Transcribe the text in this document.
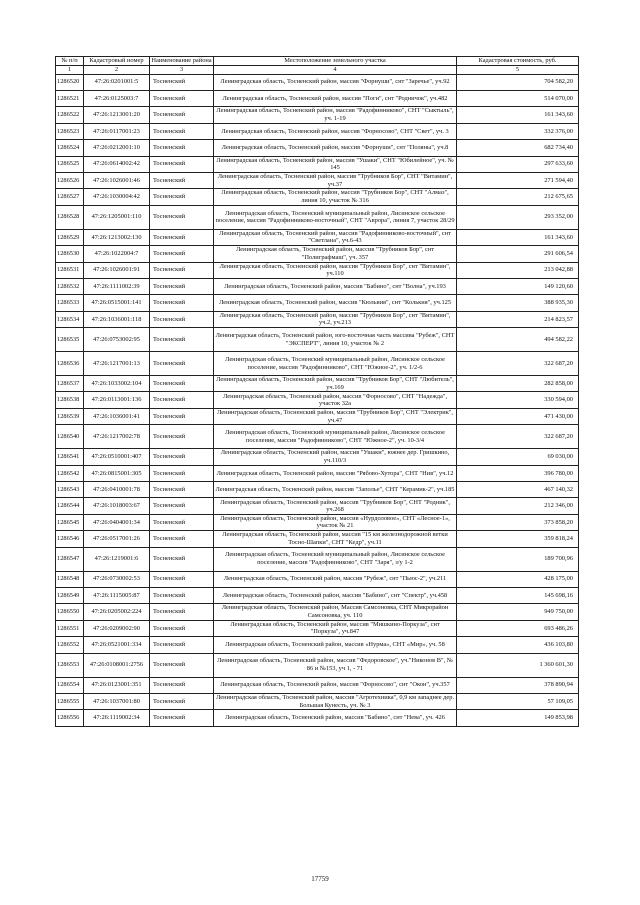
№ п/п	Кадастровый номер	Наименование района	Местоположение земельного участка	Кадастровая стоимость, руб.
1	2	3	4	5
1286520	47:26:0201001:5	Тосненский	Ленинградская область, Тосненский район, массив "Форнуши", снт "Заречье", уч.92	704 582,20
1286521	47:26:0125003:7	Тосненский	Ленинградская область, Тосненский район, массив "Поги", снт "Родничок", уч.482	514 070,00
1286522	47:26:1213001:20	Тосненский	Ленинградская область, Тосненский район, массив "Радофинниково", СНТ "Сыктыль", уч. 1-19	161 343,60
1286523	47:26:0117001:23	Тосненский	Ленинградская область, Тосненский район, массив "Форносово", СНТ "Свет", уч. 3	332 376,00
1286524	47:26:0212001:10	Тосненский	Ленинградская область, Тосненский район, массив "Форнуши", снт "Поляны", уч.8	682 734,40
1286525	47:26:0614002:42	Тосненский	Ленинградская область, Тосненский район, массив "Ушаки", СНТ "Юбилейное", уч. № 145	297 633,60
1286526	47:26:1026001:46	Тосненский	Ленинградская область, Тосненский район, массив "Трубников Бор", СНТ "Витамин", уч.37	271 594,40
1286527	47:26:1030004:42	Тосненский	Ленинградская область, Тосненский район, массив "Трубников Бор", СНТ "Алмаз", линия 10, участок № 316	212 675,65
1286528	47:26:1205001:110	Тосненский	Ленинградская область, Тосненский муниципальный район, Лисинское сельское поселение, массив "Радофинниково-восточный", СНТ "Аврора", линия 7, участок 28/29	293 352,00
1286529	47:26:1213002:130	Тосненский	Ленинградская область, Тосненский район, массив "Радофинниково-восточный", снт "Светлана", уч.6-43	161 343,60
1286530	47:26:1022004:7	Тосненский	Ленинградская область, Тосненский район, массив "Трубников Бор", снт "Полиграфмаш", уч. 357	291 606,54
1286531	47:26:1026001:91	Тосненский	Ленинградская область, Тосненский район, массив "Трубников Бор", снт "Витамин", уч.110	213 042,88
1286532	47:26:1111002:39	Тосненский	Ленинградская область, Тосненский район, массив "Бабино", снт "Волна", уч.193	149 120,60
1286533	47:26:0515001:141	Тосненский	Ленинградская область, Тосненский район, массив "Кюльвия", снт "Колькия", уч.125	388 935,30
1286534	47:26:1036001:118	Тосненский	Ленинградская область, Тосненский район, массив "Трубников Бор", снт "Витамин", уч.2, уч.213	214 823,57
1286535	47:26:0753002:95	Тосненский	Ленинградская область, Тосненский район, юго-восточная часть массива "Рубеж", СНТ "ЭКСПЕРТ", линия 10, участок № 2	494 582,22
1286536	47:26:1217001:13	Тосненский	Ленинградская область, Тосненский муниципальный район, Лисинское сельское поселение, массив "Радофинниково", СНТ "Южное-2", уч. 1/2-6	322 687,20
1286537	47:26:1033002:104	Тосненский	Ленинградская область, Тосненский район, массив "Трубников Бор", СНТ "Любитель", уч.169	282 858,00
1286538	47:26:0113001:136	Тосненский	Ленинградская область, Тосненский район, массив "Форносово", СНТ "Надежда", участок 32а	330 594,00
1286539	47:26:1036001:41	Тосненский	Ленинградская область, Тосненский район, массив "Трубников Бор", СНТ "Электрик", уч.47	471 430,00
1286540	47:26:1217002:78	Тосненский	Ленинградская область, Тосненский муниципальный район, Лисинское сельское поселение, массив "Радофинниково", СНТ "Южное-2", уч. 10-3/4	322 687,20
1286541	47:26:0510001:407	Тосненский	Ленинградская область, Тосненский район, массив "Ушаки", южнее дер. Гришкино, уч.110/3	69 030,00
1286542	47:26:0815001:305	Тосненский	Ленинградская область, Тосненский район, массив "Рябово-Хутора", СНТ "Нив", уч.12	396 780,00
1286543	47:26:0410001:78	Тосненский	Ленинградская область, Тосненский район, массив "Заполье", СНТ "Керамик-2", уч.185	467 140,32
1286544	47:26:1018003:67	Тосненский	Ленинградская область, Тосненский район, массив "Трубников Бор", СНТ "Родник", уч.268	212 346,00
1286545	47:26:0404001:34	Тосненский	Ленинградская область, Тосненский район, массив «Нурдоловое», СНТ «Лесное-1», участок № 21	373 858,20
1286546	47:26:0517001:26	Тосненский	Ленинградская область, Тосненский район, массив "15 км железнодорожной ветки Тосно-Шапки", СНТ "Кедр", уч.11	359 818,24
1286547	47:26:1219001:6	Тосненский	Ленинградская область, Тосненский муниципальный район, Лисинское сельское поселение, массив "Радофинниково", СНТ "Заря", з/у 1-2	189 700,96
1286548	47:26:0730002:53	Тосненский	Ленинградская область, Тосненский район, массив "Рубеж", снт "Пьюс-2", уч.211	428 175,00
1286549	47:26:1115005:87	Тосненский	Ленинградская область, Тосненский район, массив "Бабино", снт "Спектр", уч.458	145 698,16
1286550	47:26:0205002:224	Тосненский	Ленинградская область, Тосненский район, Массив Самсоновка, СНТ Микрорайон Самсоновка, уч. 110	949 750,00
1286551	47:26:0209002:90	Тосненский	Ленинградская область, Тосненский район, массив "Мишкино-Поркуза", снт "Поркуза", уч.847	693 486,26
1286552	47:26:0521001:334	Тосненский	Ленинградская область, Тосненский район, массив «Нурма», СНТ «Мир», уч. 58	436 103,80
1286553	47:26:0108001:2756	Тосненский	Ленинградская область, Тосненский район, массив "Федоровское", уч."Никонов В", № 86 и №153, уч 1, - 71	1 360 601,30
1286554	47:26:0123001:351	Тосненский	Ленинградская область, Тосненский район, массив "Форносово", снт "Окон", уч.357	378 890,94
1286555	47:26:1037001:80	Тосненский	Ленинградская область, Тосненский район, массив "Агротехника", 0,9 км западнее дер. Большая Кунесть, уч. № 3	57 109,05
1286556	47:26:1119002:34	Тосненский	Ленинградская область, Тосненский район, массив "Бабино", снт "Нева", уч. 426	149 853,98
17759
